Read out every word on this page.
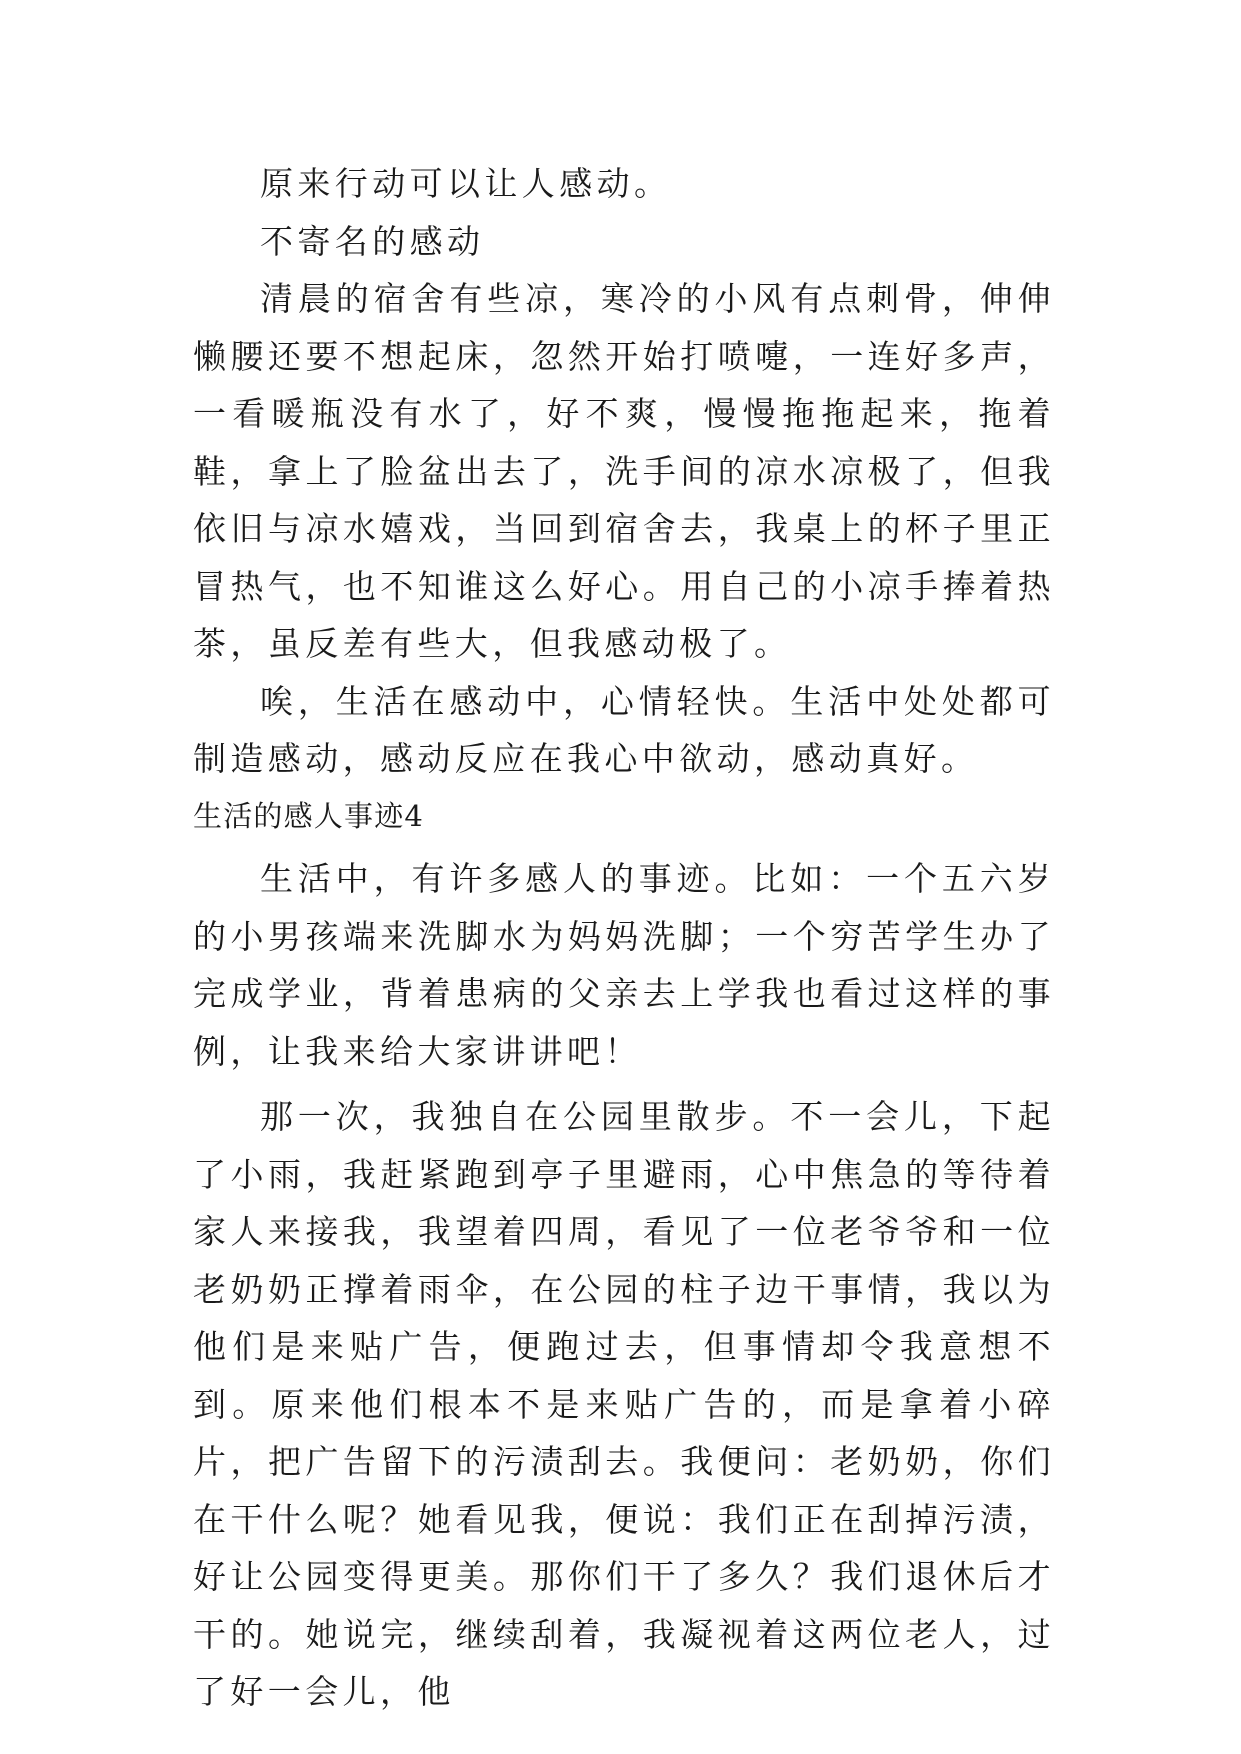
原来行动可以让人感动。

不寄名的感动

清晨的宿舍有些凉，寒冷的小风有点刺骨，伸伸懒腰还要不想起床，忽然开始打喷嚏，一连好多声，一看暖瓶没有水了，好不爽，慢慢拖拖起来，拖着鞋，拿上了脸盆出去了，洗手间的凉水凉极了，但我依旧与凉水嬉戏，当回到宿舍去，我桌上的杯子里正冒热气，也不知谁这么好心。用自己的小凉手捧着热茶，虽反差有些大，但我感动极了。

唉，生活在感动中，心情轻快。生活中处处都可制造感动，感动反应在我心中欲动，感动真好。

生活的感人事迹4

生活中，有许多感人的事迹。比如：一个五六岁的小男孩端来洗脚水为妈妈洗脚；一个穷苦学生办了完成学业，背着患病的父亲去上学我也看过这样的事例，让我来给大家讲讲吧！

那一次，我独自在公园里散步。不一会儿，下起了小雨，我赶紧跑到亭子里避雨，心中焦急的等待着家人来接我，我望着四周，看见了一位老爷爷和一位老奶奶正撑着雨伞，在公园的柱子边干事情，我以为他们是来贴广告，便跑过去，但事情却令我意想不到。原来他们根本不是来贴广告的，而是拿着小碎片，把广告留下的污渍刮去。我便问：老奶奶，你们在干什么呢？她看见我，便说：我们正在刮掉污渍，好让公园变得更美。那你们干了多久？我们退休后才干的。她说完，继续刮着，我凝视着这两位老人，过了好一会儿，他
